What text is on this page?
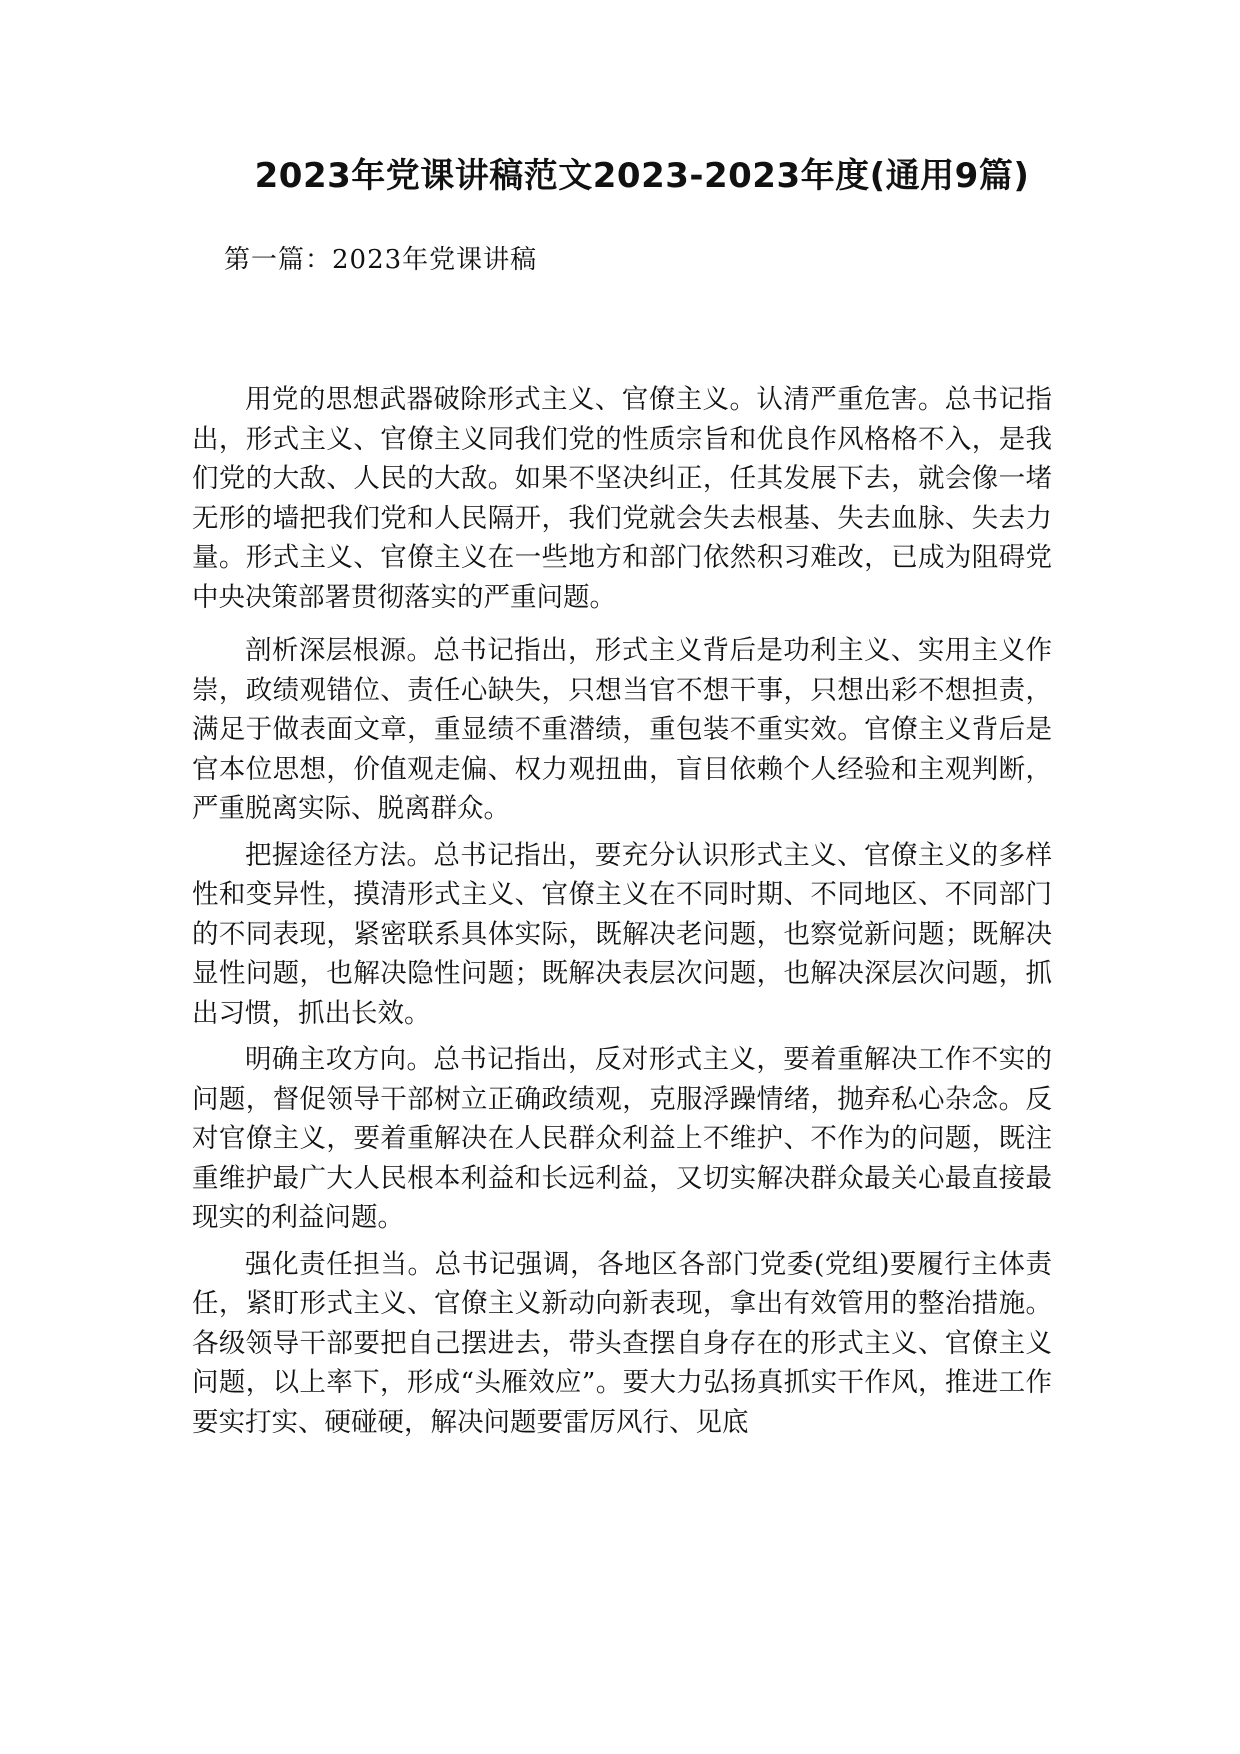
2023年党课讲稿范文2023-2023年度(通用9篇)

第一篇：2023年党课讲稿

用党的思想武器破除形式主义、官僚主义。认清严重危害。总书记指出，形式主义、官僚主义同我们党的性质宗旨和优良作风格格不入，是我们党的大敌、人民的大敌。如果不坚决纠正，任其发展下去，就会像一堵无形的墙把我们党和人民隔开，我们党就会失去根基、失去血脉、失去力量。形式主义、官僚主义在一些地方和部门依然积习难改，已成为阻碍党中央决策部署贯彻落实的严重问题。

剖析深层根源。总书记指出，形式主义背后是功利主义、实用主义作崇，政绩观错位、责任心缺失，只想当官不想干事，只想出彩不想担责，满足于做表面文章，重显绩不重潜绩，重包装不重实效。官僚主义背后是官本位思想，价值观走偏、权力观扭曲，盲目依赖个人经验和主观判断，严重脱离实际、脱离群众。

把握途径方法。总书记指出，要充分认识形式主义、官僚主义的多样性和变异性，摸清形式主义、官僚主义在不同时期、不同地区、不同部门的不同表现，紧密联系具体实际，既解决老问题，也察觉新问题；既解决显性问题，也解决隐性问题；既解决表层次问题，也解决深层次问题，抓出习惯，抓出长效。

明确主攻方向。总书记指出，反对形式主义，要着重解决工作不实的问题，督促领导干部树立正确政绩观，克服浮躁情绪，抛弃私心杂念。反对官僚主义，要着重解决在人民群众利益上不维护、不作为的问题，既注重维护最广大人民根本利益和长远利益，又切实解决群众最关心最直接最现实的利益问题。

强化责任担当。总书记强调，各地区各部门党委(党组)要履行主体责任，紧盯形式主义、官僚主义新动向新表现，拿出有效管用的整治措施。各级领导干部要把自己摆进去，带头查摆自身存在的形式主义、官僚主义问题，以上率下，形成“头雁效应”。要大力弘扬真抓实干作风，推进工作要实打实、硬碰硬，解决问题要雷厉风行、见底
